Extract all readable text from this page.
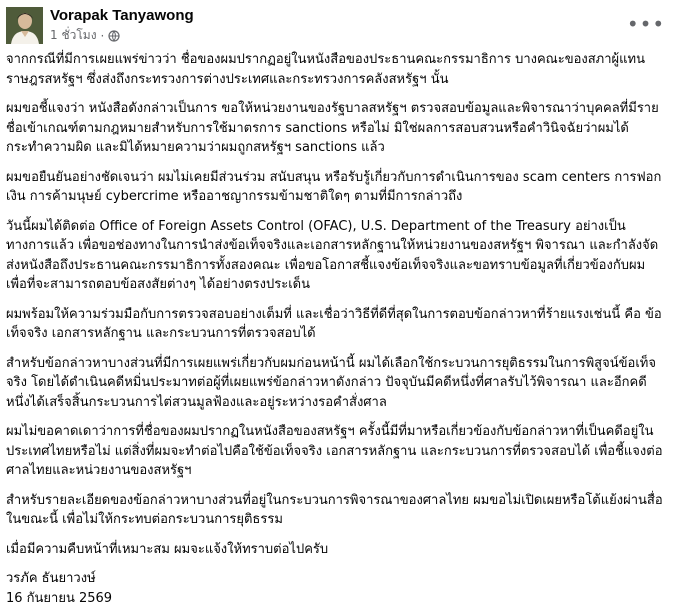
Vorapak Tanyawong
1 ชั่วโมง ·	•••

จากกรณีที่มีการเผยแพร่ข่าวว่า ชื่อของผมปรากฏอยู่ในหนังสือของประธานคณะกรรมาธิการ บางคณะของสภาผู้แทนราษฎรสหรัฐฯ ซึ่งส่งถึงกระทรวงการต่างประเทศและกระทรวงการคลังสหรัฐฯ นั้น

ผมขอชี้แจงว่า หนังสือดังกล่าวเป็นการ ขอให้หน่วยงานของรัฐบาลสหรัฐฯ ตรวจสอบข้อมูลและพิจารณาว่าบุคคลที่มีรายชื่อเข้าเกณฑ์ตามกฎหมายสำหรับการใช้มาตรการ sanctions หรือไม่ มิใช่ผลการสอบสวนหรือคำวินิจฉัยว่าผมได้กระทำความผิด และมิได้หมายความว่าผมถูกสหรัฐฯ sanctions แล้ว

ผมขอยืนยันอย่างชัดเจนว่า ผมไม่เคยมีส่วนร่วม สนับสนุน หรือรับรู้เกี่ยวกับการดำเนินการของ scam centers การฟอกเงิน การค้ามนุษย์ cybercrime หรืออาชญากรรมข้ามชาติใดๆ ตามที่มีการกล่าวถึง

วันนี้ผมได้ติดต่อ Office of Foreign Assets Control (OFAC), U.S. Department of the Treasury อย่างเป็นทางการแล้ว เพื่อขอช่องทางในการนำส่งข้อเท็จจริงและเอกสารหลักฐานให้หน่วยงานของสหรัฐฯ พิจารณา และกำลังจัดส่งหนังสือถึงประธานคณะกรรมาธิการทั้งสองคณะ เพื่อขอโอกาสชี้แจงข้อเท็จจริงและขอทราบข้อมูลที่เกี่ยวข้องกับผม เพื่อที่จะสามารถตอบข้อสงสัยต่างๆ ได้อย่างตรงประเด็น

ผมพร้อมให้ความร่วมมือกับการตรวจสอบอย่างเต็มที่ และเชื่อว่าวิธีที่ดีที่สุดในการตอบข้อกล่าวหาที่ร้ายแรงเช่นนี้ คือ ข้อเท็จจริง เอกสารหลักฐาน และกระบวนการที่ตรวจสอบได้

สำหรับข้อกล่าวหาบางส่วนที่มีการเผยแพร่เกี่ยวกับผมก่อนหน้านี้ ผมได้เลือกใช้กระบวนการยุติธรรมในการพิสูจน์ข้อเท็จจริง โดยได้ดำเนินคดีหมิ่นประมาทต่อผู้ที่เผยแพร่ข้อกล่าวหาดังกล่าว ปัจจุบันมีคดีหนึ่งที่ศาลรับไว้พิจารณา และอีกคดีหนึ่งได้เสร็จสิ้นกระบวนการไต่สวนมูลฟ้องและอยู่ระหว่างรอคำสั่งศาล

ผมไม่ขอคาดเดาว่าการที่ชื่อของผมปรากฏในหนังสือของสหรัฐฯ ครั้งนี้มีที่มาหรือเกี่ยวข้องกับข้อกล่าวหาที่เป็นคดีอยู่ในประเทศไทยหรือไม่ แต่สิ่งที่ผมจะทำต่อไปคือใช้ข้อเท็จจริง เอกสารหลักฐาน และกระบวนการที่ตรวจสอบได้ เพื่อชี้แจงต่อศาลไทยและหน่วยงานของสหรัฐฯ

สำหรับรายละเอียดของข้อกล่าวหาบางส่วนที่อยู่ในกระบวนการพิจารณาของศาลไทย ผมขอไม่เปิดเผยหรือโต้แย้งผ่านสื่อในขณะนี้ เพื่อไม่ให้กระทบต่อกระบวนการยุติธรรม

เมื่อมีความคืบหน้าที่เหมาะสม ผมจะแจ้งให้ทราบต่อไปครับ

วรภัค ธันยาวงษ์

16 กันยายน 2569
